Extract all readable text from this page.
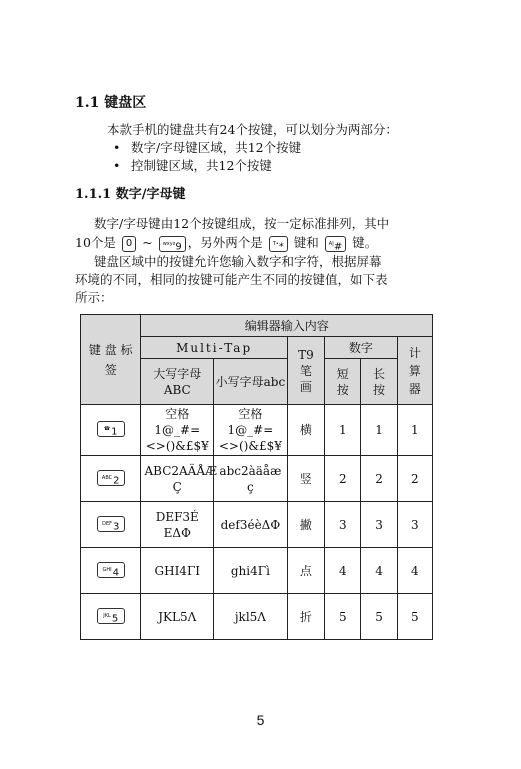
1.1 键盘区
本款手机的键盘共有24个按键，可以划分为两部分：
• 数字/字母键区域，共12个按键
• 控制键区域，共12个按键
1.1.1 数字/字母键
数字/字母键由12个按键组成，按一定标准排列，其中
10个是 0 ~ $^{wxyz}$9 ，另外两个是 $^{T•}$* 键和 $^{A|}$# 键。
键盘区域中的按键允许您输入数字和字符，根据屏幕
环境的不同，相同的按键可能产生不同的按键值，如下表
所示：
键 盘 标 签	编辑器输入内容					
	Multi-Tap		T9 笔 画	数字		计 算 器
	大写字母 ABC	小写字母abc		短 按	长 按	
☎1	空格1@_#= <>()&£$¥	空格1@_#= <>()&£$¥	横	1	1	1
$^{ABC}$2	ABC2AÄÅÆ Ç	abc2àäåæ ç	竖	2	2	2
$^{DEF}$3	DEF3É EΔΦ	def3éèΔΦ	撇	3	3	3
$^{GHI}$4	GHI4ΓI	ghi4Γì	点	4	4	4
$^{JKL}$5	JKL5Λ	jkl5Λ	折	5	5	5
5
